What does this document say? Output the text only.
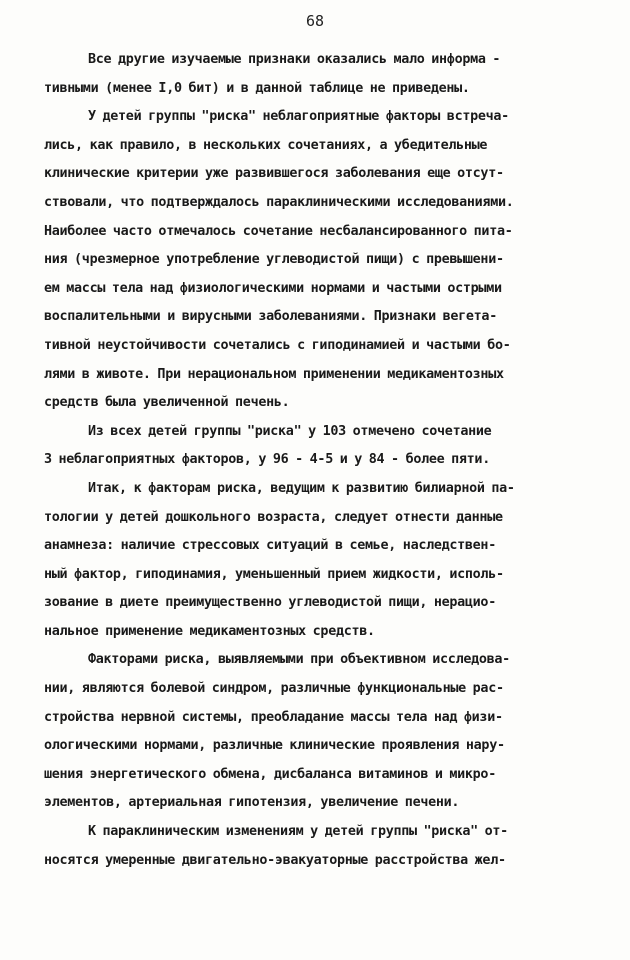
68
Все другие изучаемые признаки оказались мало информа -
тивными (менее I,0 бит) и в данной таблице не приведены.
У детей группы "риска" неблагоприятные факторы встреча-
лись, как правило, в нескольких сочетаниях, а убедительные
клинические критерии уже развившегося заболевания еще отсут-
ствовали, что подтверждалось параклиническими исследованиями.
Наиболее часто отмечалось сочетание несбалансированного пита-
ния (чрезмерное употребление углеводистой пищи) с превышени-
ем массы тела над физиологическими нормами и частыми острыми
воспалительными и вирусными заболеваниями. Признаки вегета-
тивной неустойчивости сочетались с гиподинамией и частыми бо-
лями в животе. При нерациональном применении медикаментозных
средств была увеличенной печень.
Из всех детей группы "риска" у 103 отмечено сочетание
3 неблагоприятных факторов, у 96 - 4-5 и у 84 - более пяти.
Итак, к факторам риска, ведущим к развитию билиарной па-
тологии у детей дошкольного возраста, следует отнести данные
анамнеза: наличие стрессовых ситуаций в семье, наследствен-
ный фактор, гиподинамия, уменьшенный прием жидкости, исполь-
зование в диете преимущественно углеводистой пищи, нерацио-
нальное применение медикаментозных средств.
Факторами риска, выявляемыми при объективном исследова-
нии, являются болевой синдром, различные функциональные рас-
стройства нервной системы, преобладание массы тела над физи-
ологическими нормами, различные клинические проявления нару-
шения энергетического обмена, дисбаланса витаминов и микро-
элементов, артериальная гипотензия, увеличение печени.
К параклиническим изменениям у детей группы "риска" от-
носятся умеренные двигательно-эвакуаторные расстройства жел-
